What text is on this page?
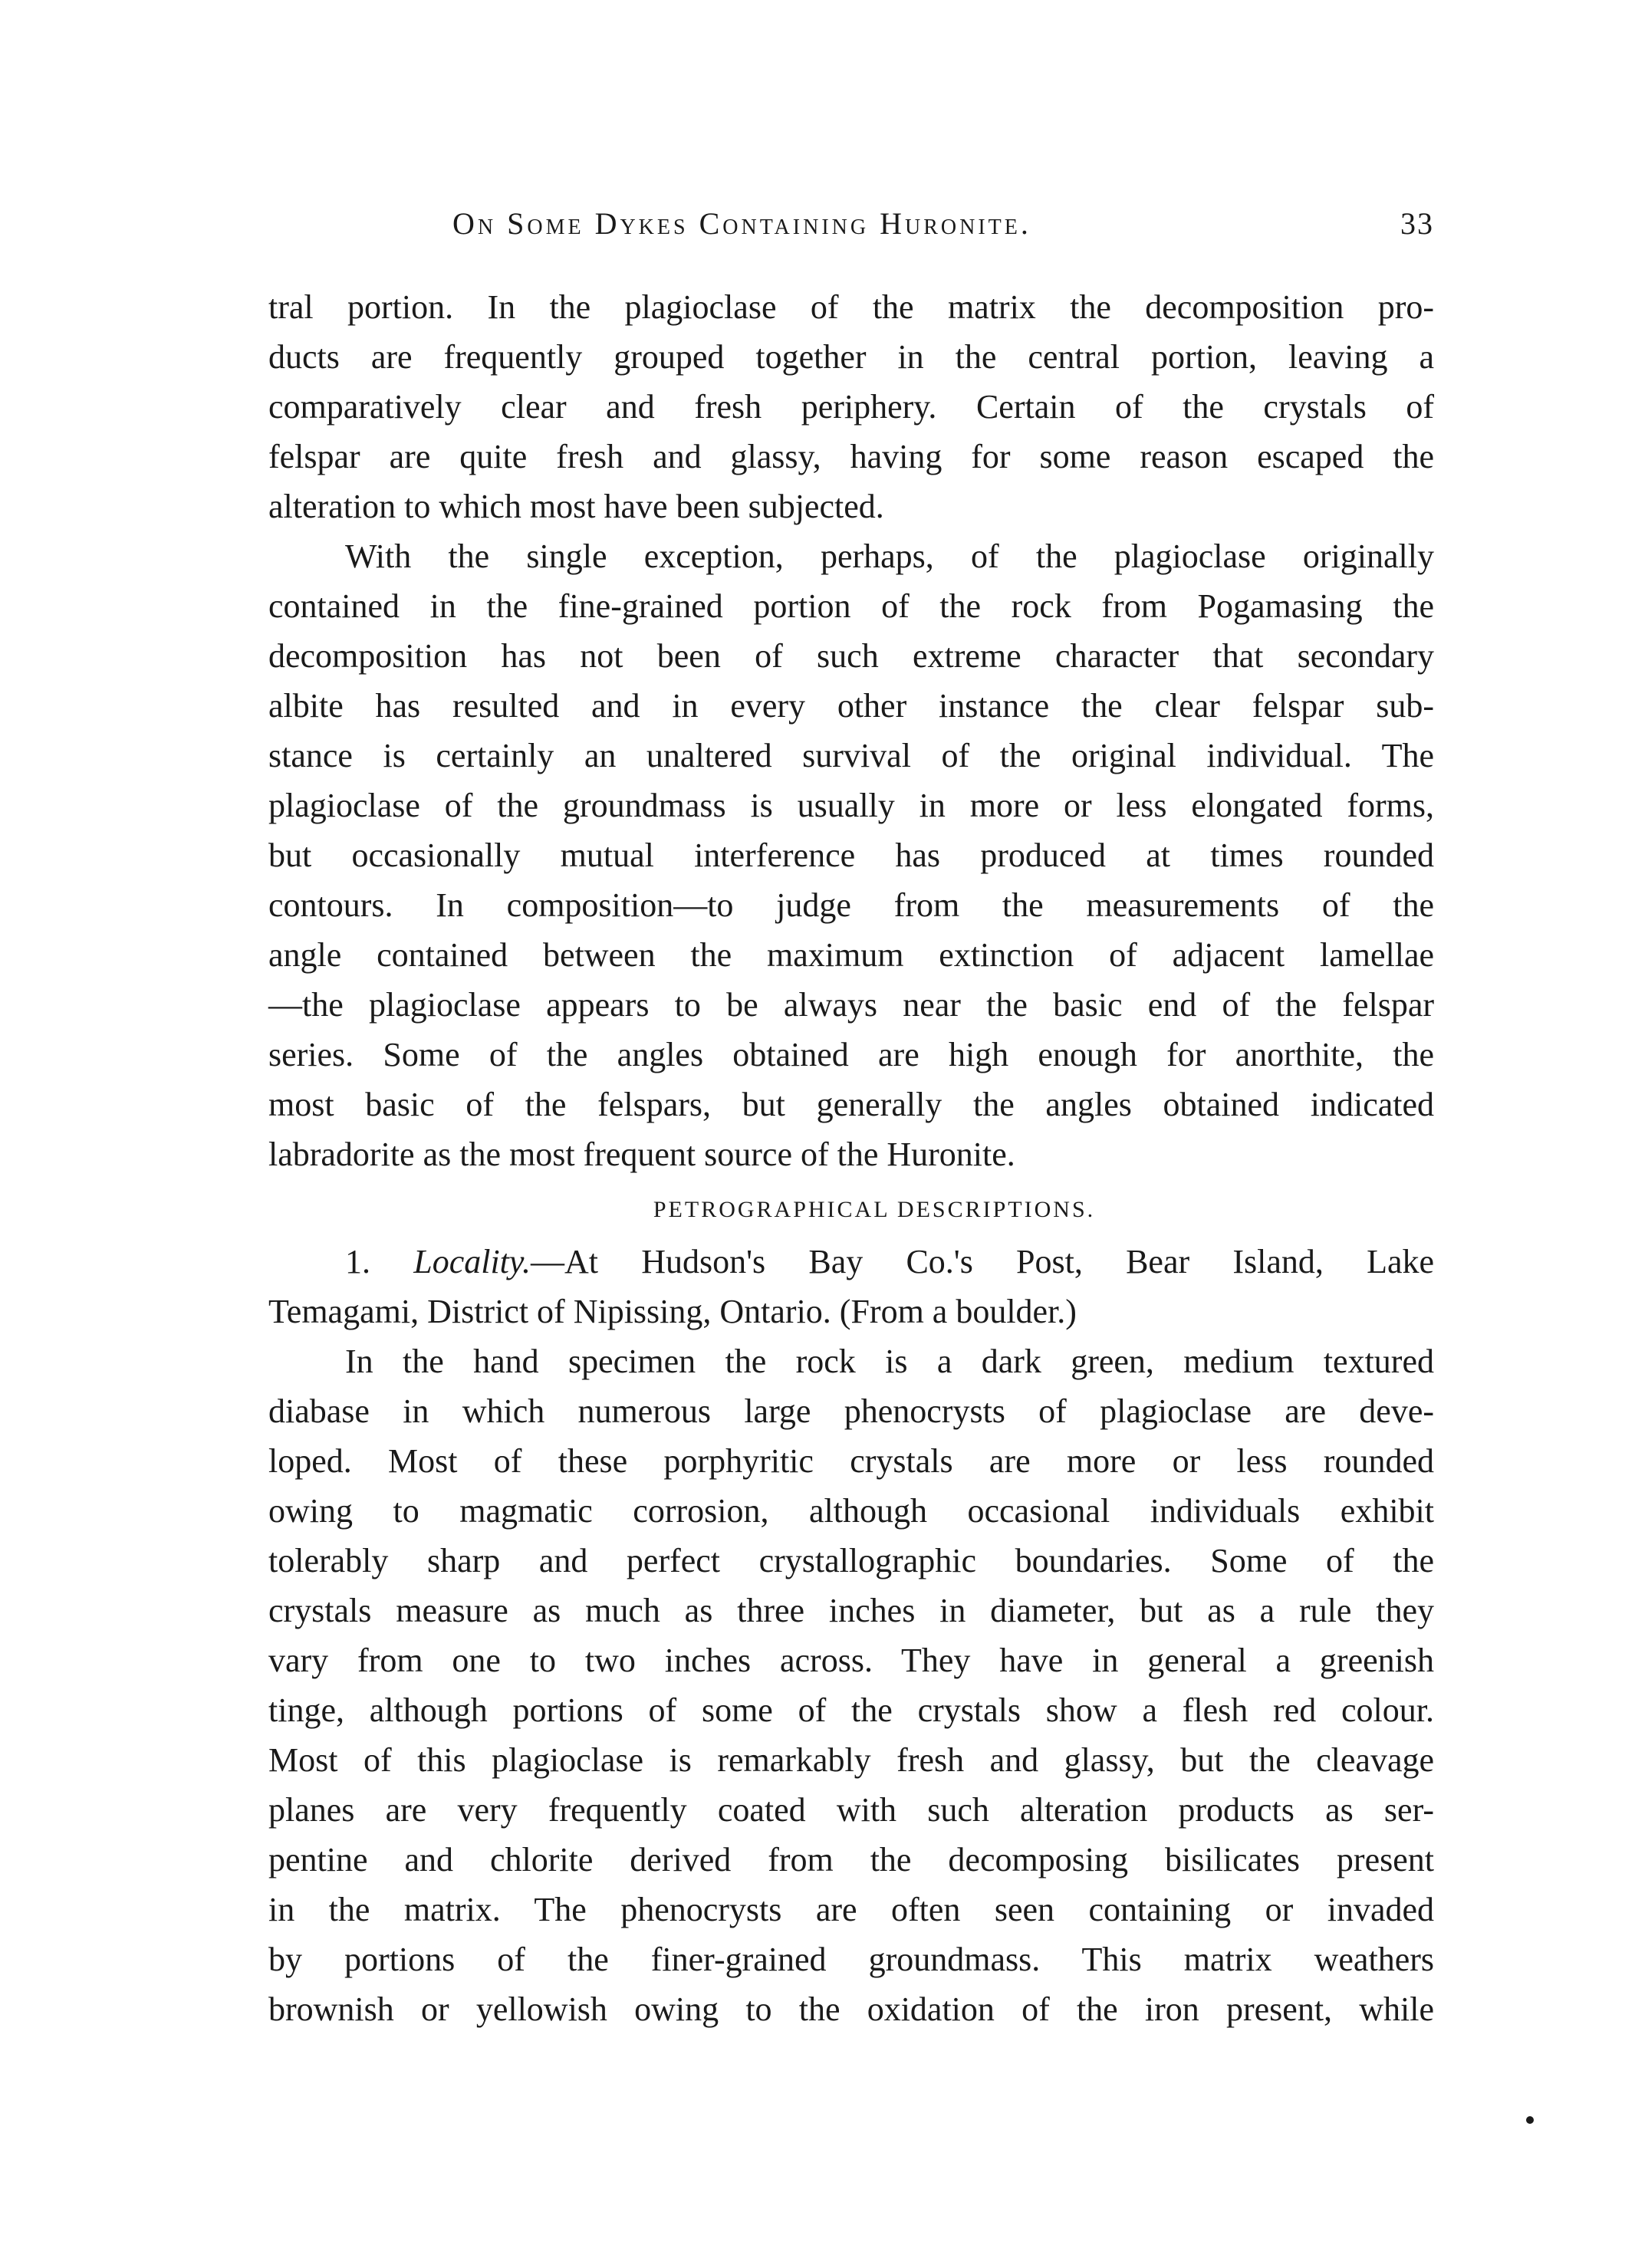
On Some Dykes Containing Huronite.	33
tral portion. In the plagioclase of the matrix the decomposition pro-
ducts are frequently grouped together in the central portion, leaving a
comparatively clear and fresh periphery. Certain of the crystals of
felspar are quite fresh and glassy, having for some reason escaped the
alteration to which most have been subjected.
With the single exception, perhaps, of the plagioclase originally
contained in the fine-grained portion of the rock from Pogamasing the
decomposition has not been of such extreme character that secondary
albite has resulted and in every other instance the clear felspar sub-
stance is certainly an unaltered survival of the original individual. The
plagioclase of the groundmass is usually in more or less elongated forms,
but occasionally mutual interference has produced at times rounded
contours. In composition—to judge from the measurements of the
angle contained between the maximum extinction of adjacent lamellae
—the plagioclase appears to be always near the basic end of the felspar
series. Some of the angles obtained are high enough for anorthite, the
most basic of the felspars, but generally the angles obtained indicated
labradorite as the most frequent source of the Huronite.
PETROGRAPHICAL DESCRIPTIONS.
1. Locality.—At Hudson's Bay Co.'s Post, Bear Island, Lake
Temagami, District of Nipissing, Ontario. (From a boulder.)
In the hand specimen the rock is a dark green, medium textured
diabase in which numerous large phenocrysts of plagioclase are deve-
loped. Most of these porphyritic crystals are more or less rounded
owing to magmatic corrosion, although occasional individuals exhibit
tolerably sharp and perfect crystallographic boundaries. Some of the
crystals measure as much as three inches in diameter, but as a rule they
vary from one to two inches across. They have in general a greenish
tinge, although portions of some of the crystals show a flesh red colour.
Most of this plagioclase is remarkably fresh and glassy, but the cleavage
planes are very frequently coated with such alteration products as ser-
pentine and chlorite derived from the decomposing bisilicates present
in the matrix. The phenocrysts are often seen containing or invaded
by portions of the finer-grained groundmass. This matrix weathers
brownish or yellowish owing to the oxidation of the iron present, while
